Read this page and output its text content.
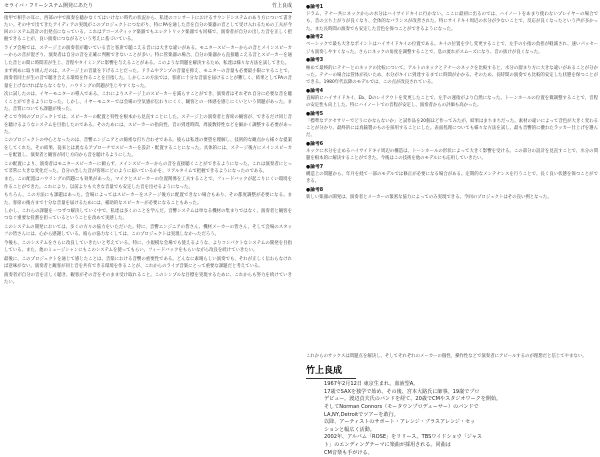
セライバ・フリーシステム開発にあたり	竹上良成

指甲で相手の耳に、西部の中で演奏を聴かなくてはいけない時代の状況から、私達のコンサートにおけるサウンドシステムのあり方について書きたい。その中で出てきたアイディアの実現がこのプロジェクトにつながり、特にPAを通した音を自分の楽器の音として受け入れるための工夫が今回のシステム設計の出発点になっている。これはアコースティック楽器でもエレクトリック楽器でも同様で、演奏者が自分の出した音を正しく把握できることが、良い演奏につながるという考えに基づいている。

ライブ会場では、ステージ上の演奏者が聴いている音と客席で聴こえる音には大きな違いがある。モニタースピーカーからの音とメインスピーカーからの音が混ざり、演奏者は自分の音を正確に判断できないことが多い。特に管楽器の場合、自分の楽器から直接聴こえる音とスピーカーを通した音との間に時間差が生じ、音程やタイミングに影響を与えることがある。このような問題を解決するため、私達は様々な方法を試してきた。

まず初めに取り組んだのは、ステージ上の音量を下げることだった。ドラムやアンプの音量を抑え、モニターの音量も必要最小限にすることで、演奏者同士が生の音で聴き合える環境を作ることを目指した。しかしこの方法では、客席に十分な音量を届けることが難しく、結果としてPAの音量を上げなければならなくなり、ハウリングの問題が生じやすくなった。

次に試したのは、イヤーモニターの導入である。これによりステージ上のスピーカーを減らすことができ、演奏者はそれぞれ自分に必要な音を聴くことができるようになった。しかし、イヤーモニターでは会場の空気感が伝わりにくく、観客との一体感を感じにくいという問題があった。また、音質についても課題が残った。

そこで今回のプロジェクトでは、スピーカーの配置と特性を根本から見直すことにした。ステージ上の演奏者と客席の観客が、できるだけ同じ音を聴けるようなシステムを目指したのである。そのためには、スピーカーの指向性、音の到達時間、周波数特性などを細かく調整する必要があった。

このプロジェクトの中心となったのは、音響エンジニアとの綿密な打ち合わせである。彼らは私達の要望を理解し、技術的な観点から様々な提案をしてくれた。その結果、従来とは異なるアプローチでスピーカーを設計・配置することになった。具体的には、ステージ後方にメインスピーカーを配置し、演奏者と観客が同じ方向から音を聴けるようにした。

この配置により、演奏者はモニタースピーカーに頼らず、メインスピーカーからの音を直接聴くことができるようになった。これは演奏者にとって非常に大きな変化だった。自分の出した音が客席にどのように届いているかを、リアルタイムで把握できるようになったのである。

また、この配置はハウリングの問題にも効果があった。マイクとスピーカーの位置関係を工夫することで、フィードバックが起こりにくい環境を作ることができた。これにより、以前よりも大きな音量でも安定した音を出せるようになった。

もちろん、この方法にも課題はあった。会場によってはスピーカーをステージ後方に配置できない場合もあり、その都度調整が必要になる。また、客席の後方まで十分な音量を届けるためには、補助的なスピーカーが必要になることもあった。

しかし、これらの課題を一つずつ解決していく中で、私達は多くのことを学んだ。音響システムは単なる機材の集まりではなく、演奏者と観客をつなぐ重要な役割を担っているということを改めて実感した。

このシステムの開発においては、多くの方々の協力をいただいた。特に、音響エンジニアの皆さん、機材メーカーの皆さん、そして会場のスタッフの皆さんには、心から感謝している。彼らの協力なくしては、このプロジェクトは実現しなかっただろう。

今後も、このシステムをさらに改良していきたいと考えている。特に、小規模な会場でも使えるような、よりコンパクトなシステムの開発を目指している。また、他のミュージシャンにもこのシステムを使ってもらい、フィードバックをもらいながら改良を続けていきたい。

最後に、このプロジェクトを通じて感じたことは、音楽における音響の重要性である。どんなに素晴らしい演奏でも、それが正しく伝わらなければ意味がない。演奏者と観客が同じ音を共有できる環境を作ることが、これからのライブ音楽にとって重要な課題だと考えている。

演奏者が自分の音を正しく聴き、観客がその音をそのまま受け取れること。このシンプルな目標を実現するために、これからも努力を続けていきたい。

●論考1

ドラム、テナー共にネックからの水分はハイサイドキイに行かない。ここに最初に出るのでは、ハイノートをあまり使わないプレイヤーの場合でも、音の立ち上がりが良くなり、全体的なバランスが改善された。特にサイドキイ周辺の水分が少ないことで、反応が良くなったという声が多かった。また長時間の演奏でも安定した音色を保つことができるようになった。

●論考2

ベーシックで最も大きなポイントはハイサイドキイの位置である。キイの位置を少し変更することで、左手の小指の負担が軽減され、速いパッセージも演奏しやすくなった。さらにネックの角度を調整することで、息の流れがスムーズになり、音の抜けが良くなった。

●論考3

極めて最終的にテナーとのネックの比較について。アルトのネックとテナーのネックを比較すると、水分の溜まり方に大きな違いがあることが分かった。テナーの場合は管体が長いため、水分がキイに到達するまでに時間がかかる。そのため、長時間の演奏でも比較的安定した状態を保つことができる。1980年代以降のモデルでは、この点が改良されている。

●論考4

直線的にハイサイドキイ、Eb、Dのレイアウトを変更したことで、左手の運指がより自然になった。トーンホールの位置を微調整することで、音程の安定性も向上した。特にハイノートでの音程が安定し、演奏者からの評価も高かった。

●論考5

「標準なアクセサリーでどうにかならないか」と試作品を20個ほど作ってみたが、結果はまちまちだった。素材の違いによって音色が大きく変わることが分かり、最終的には真鍮製のものを採用することにした。表面処理についても様々な方法を試し、最も音響的に優れたラッカー仕上げを選んだ。

●論考6

ネックに水分を止めるハイサイドキイ周辺の構造は、トーンホールの形状によって大きく影響を受ける。この部分の設計を見直すことで、水分の問題を根本的に解決することができた。今後はこの技術を他のモデルにも応用していきたい。

●論考7

構造上の問題から、年月を経て一部のモデルでは修正が必要になる場合がある。定期的なメンテナンスを行うことで、長く良い状態を保つことができる。

●論考8

新しい楽器の開発は、演奏者とメーカーの緊密な協力によってのみ実現できる。今回のプロジェクトはその良い例となった。

これからのサックスは問題点を解決し、そしてそれぞれのメーカーの個性、操作性などで演奏者にアピールするのが理想だと信じてやまない。

竹上良成

1967年2月12日 東京生まれ。血液型A。

17歳でSAXを独学で始め、その後、宮本大路氏に師事。19歳でプロ

デビュー。渡辺貞夫氏のバンドを経て、20歳でCMやスタジオワークを開始。

そしてNorman Connors（モータウンプロデューサー）のバンドで

LA,NY,Detroitでツアーを敢行。

以降、アーティストのサポート・アレンジ・ブラスアレンジ・セッ

ションと幅広く活動。

2002年、アルバム「ROSE」をリリース。TBSワイドショウ「ジャス

ト」のエンディングテーマに楽曲が採用される。同曲は

CM音楽も手がける。
